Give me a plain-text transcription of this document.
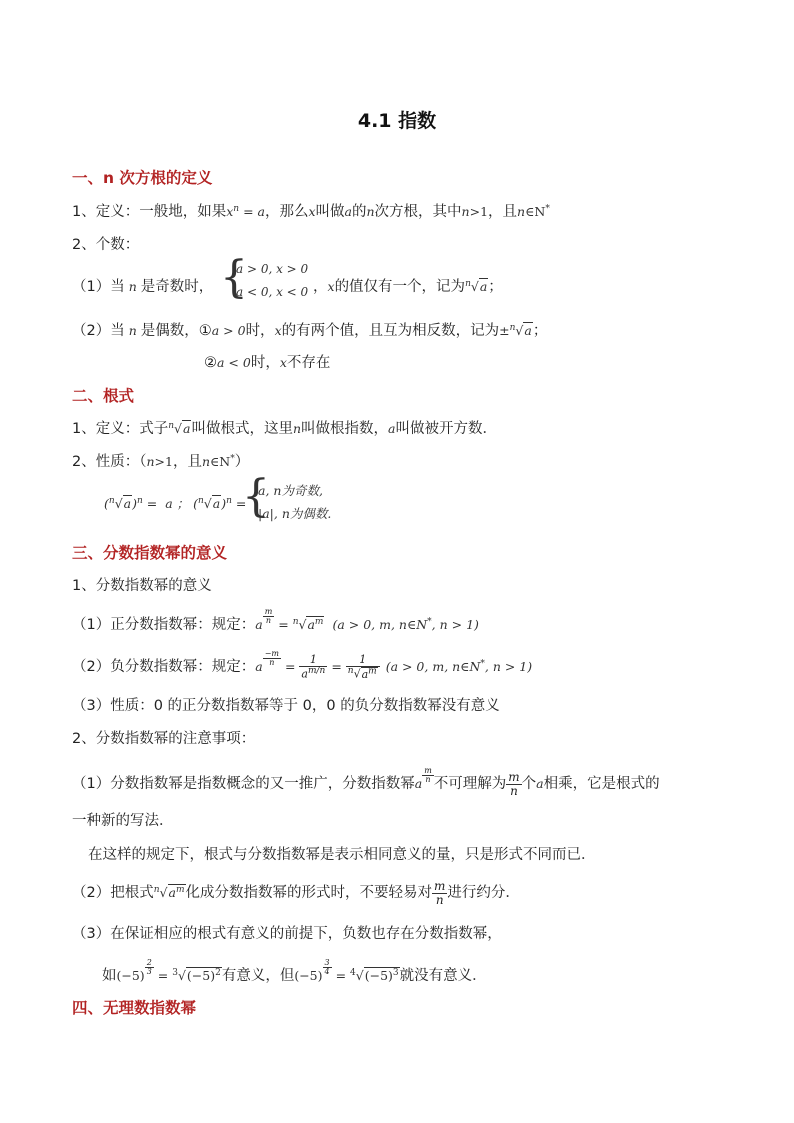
4.1 指数
一、n 次方根的定义
1、定义：一般地，如果$x^n = a$，那么x叫做a的n次方根，其中n>1，且n∈N*
2、个数：
（1）当 n 是奇数时， {
a > 0, x > 0
a < 0, x < 0 ，x的值仅有一个，记为$^n$√a；
（2）当 n 是偶数，①a > 0时，x的有两个值，且互为相反数，记为±$^n$√a；
②a < 0时，x不存在
二、根式
1、定义：式子$^n$√a叫做根式，这里n叫做根指数，a叫做被开方数．
2、性质：（n>1，且n∈N*）
$(^n√a)^n = a$ ； $(^n√a)^n$ =
{
a, n为奇数,
|a|, n为偶数.
三、分数指数幂的意义
1、分数指数幂的意义
（1）正分数指数幂：规定：a $\frac{m}{n} = ^n√a^m$ (a > 0, m, n∈N*, n > 1)
（2）负分数指数幂：规定：a $\frac{-m}{n} = \frac{1}{a^{m/n}} = \frac{1}{^n√a^m} (a > 0$, m, n∈N*, n > 1)
（3）性质：0 的正分数指数幂等于 0，0 的负分数指数幂没有意义
2、分数指数幂的注意事项：
（1）分数指数幂是指数概念的又一推广，分数指数幂a $\frac{m}{n}$ 不可理解为 $\frac{m}{n}$ 个a相乘，它是根式的
一种新的写法．
在这样的规定下，根式与分数指数幂是表示相同意义的量，只是形式不同而已．
（2）把根式$^n√a^m$化成分数指数幂的形式时，不要轻易对 $\frac{m}{n}$ 进行约分．
（3）在保证相应的根式有意义的前提下，负数也存在分数指数幂，
如$(-5) \frac{2}{3} = ^3√(-5)^2$有意义，但$(-5) \frac{3}{4} = ^4√(-5)^3$就没有意义．
四、无理数指数幂
